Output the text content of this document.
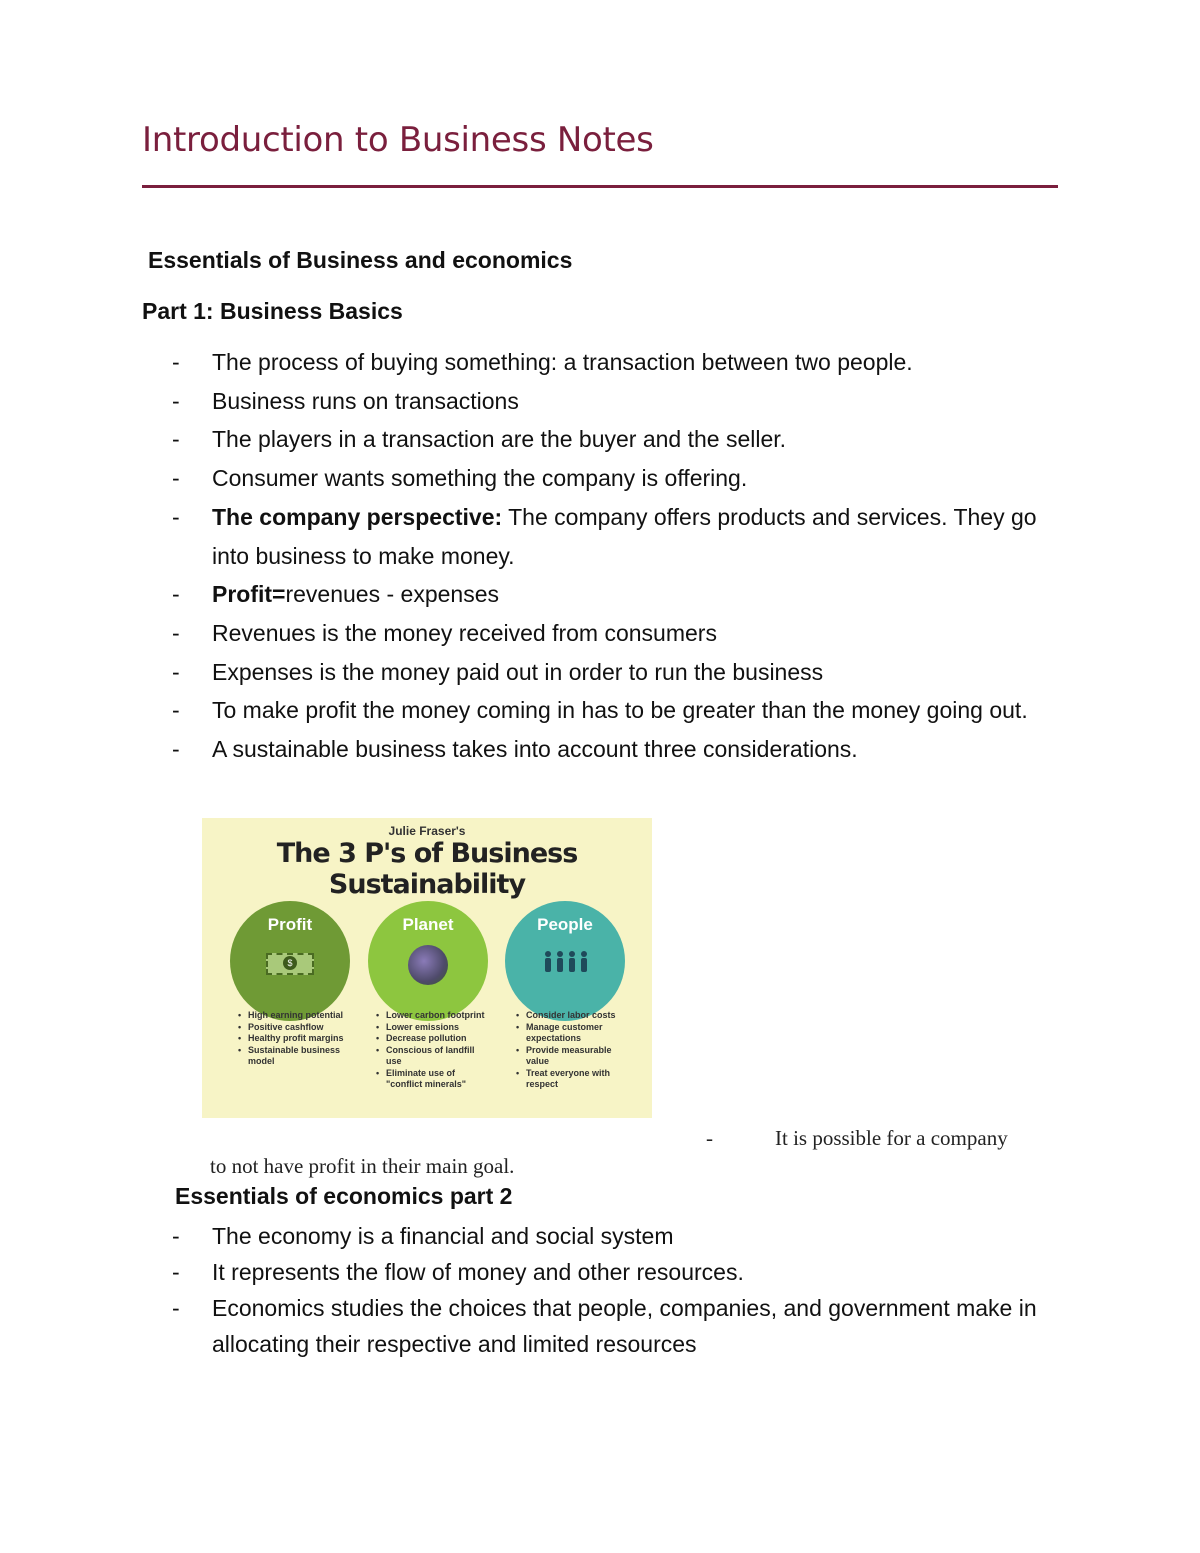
Introduction to Business Notes
Essentials of Business and economics
Part 1: Business Basics
- The process of buying something: a transaction between two people.
- Business runs on transactions
- The players in a transaction are the buyer and the seller.
- Consumer wants something the company is offering.
- The company perspective: The company offers products and services. They go into business to make money.
- Profit=revenues - expenses
- Revenues is the money received from consumers
- Expenses is the money paid out in order to run the business
- To make profit the money coming in has to be greater than the money going out.
- A sustainable business takes into account three considerations.
Julie Fraser's
The 3 P's of Business Sustainability
Profit
$
Planet	People
• High earning potential
• Positive cashflow
• Healthy profit margins
• Sustainable business model
• Lower carbon footprint
• Lower emissions
• Decrease pollution
• Conscious of landfill use
• Eliminate use of "conflict minerals"
• Consider labor costs
• Manage customer expectations
• Provide measurable value
• Treat everyone with respect
-	It is possible for a company
to not have profit in their main goal.
Essentials of economics part 2
- The economy is a financial and social system
- It represents the flow of money and other resources.
- Economics studies the choices that people, companies, and government make in allocating their respective and limited resources
